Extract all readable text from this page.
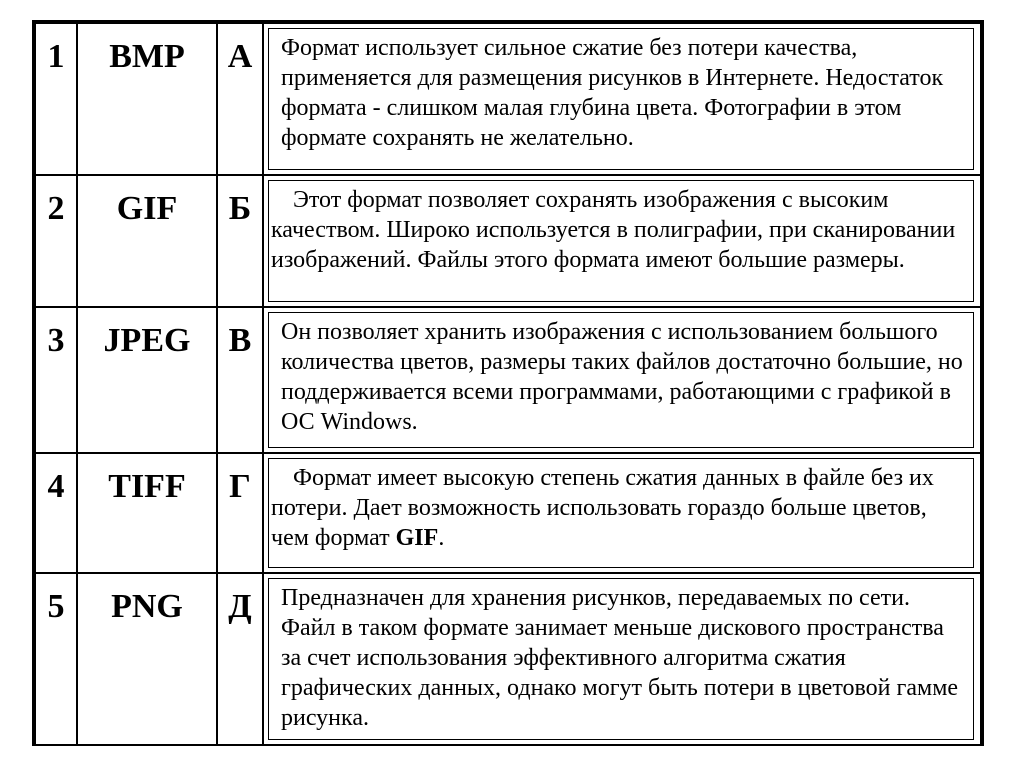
1	BMP	А	Формат использует сильное сжатие без потери качества, применяется для размещения рисунков в Интернете. Недостаток формата - слишком малая глубина цвета. Фотографии в этом формате сохранять не желательно.

2	GIF	Б	Этот формат позволяет сохранять изображения с высоким качеством. Широко используется в полиграфии, при сканировании изображений. Файлы этого формата имеют большие размеры.

3	JPEG	В	Он позволяет хранить изображения с использованием большого количества цветов, размеры таких файлов достаточно большие, но поддерживается всеми программами, работающими с графикой в ОС Windows.

4	TIFF	Г	Формат имеет высокую степень сжатия данных в файле без их потери. Дает возможность использовать гораздо больше цветов, чем формат GIF.

5	PNG	Д	Предназначен для хранения рисунков, передаваемых по сети. Файл в таком формате занимает меньше дискового пространства за счет использования эффективного алгоритма сжатия графических данных, однако могут быть потери в цветовой гамме рисунка.
